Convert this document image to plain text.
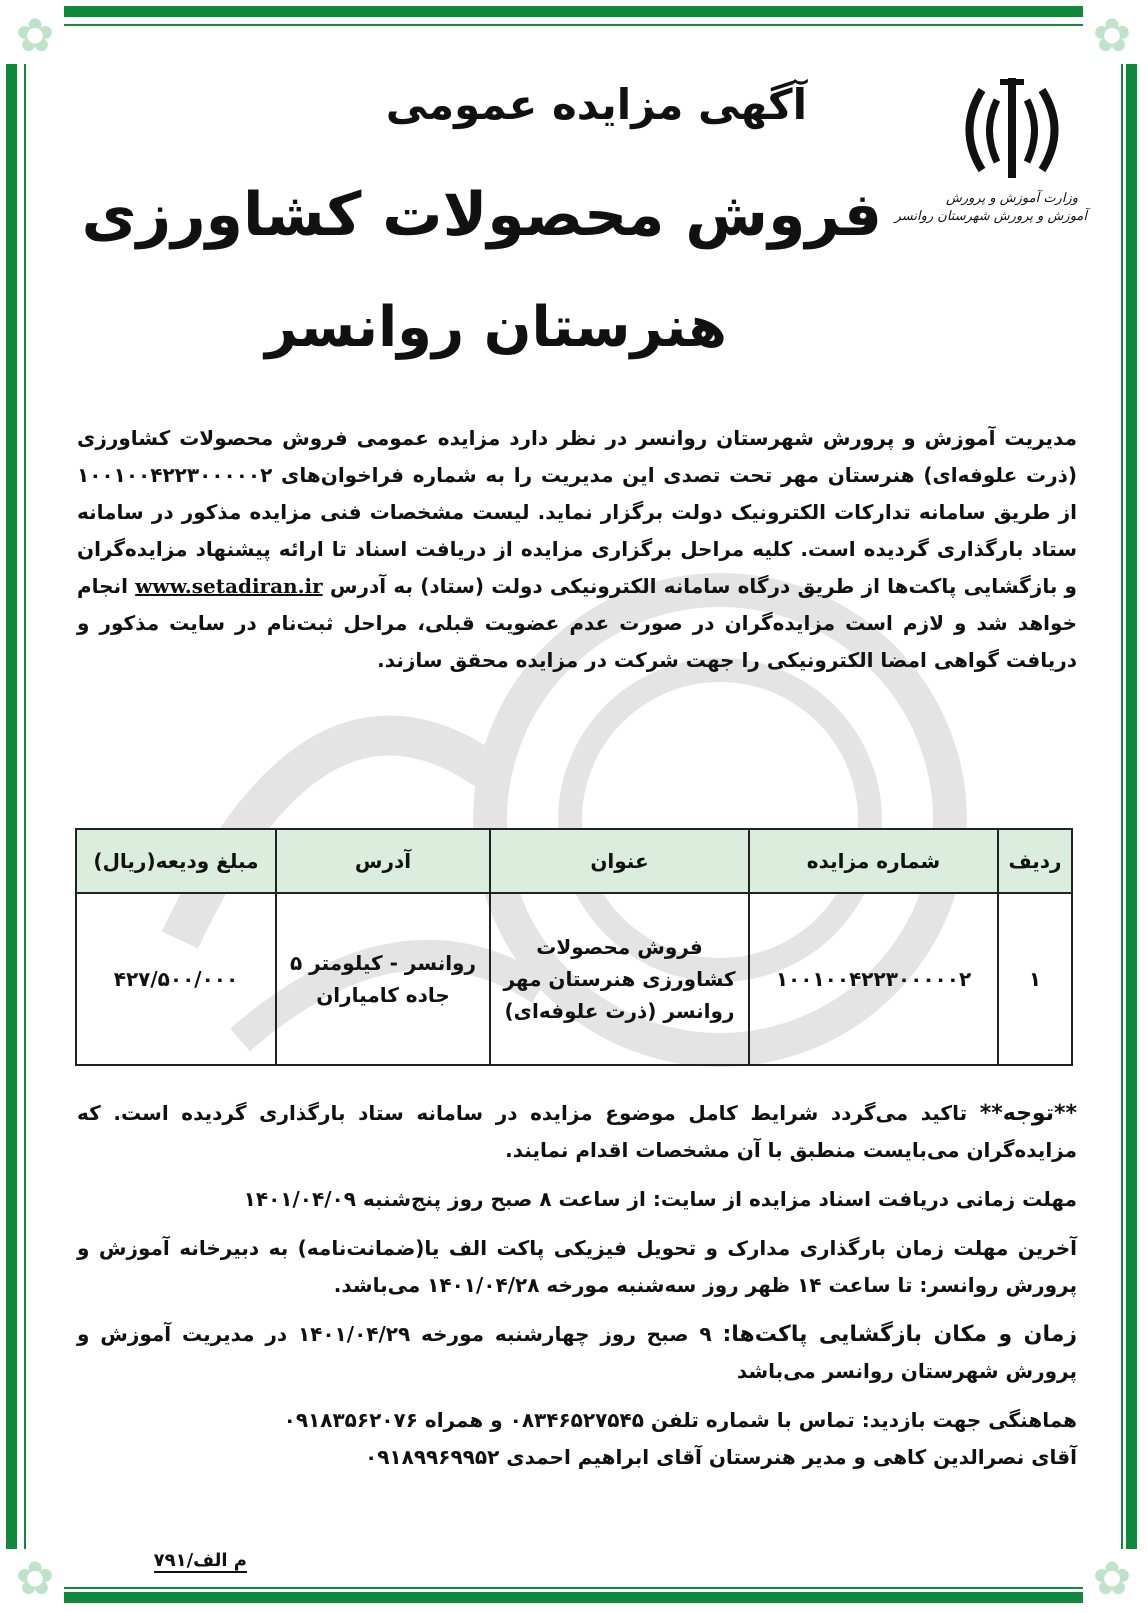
✿	✿
✿	✿
وزارت آموزش و پرورش
آموزش و پرورش شهرستان روانسر
آگهی مزایده عمومی
فروش محصولات کشاورزی
هنرستان روانسر
مدیریت آموزش و پرورش شهرستان روانسر در نظر دارد مزایده عمومی فروش محصولات کشاورزی (ذرت علوفه‌ای) هنرستان مهر تحت تصدی این مدیریت را به شماره فراخوان‌های ۱۰۰۱۰۰۴۲۲۳۰۰۰۰۰۲ از طریق سامانه تدارکات الکترونیک دولت برگزار نماید. لیست مشخصات فنی مزایده مذکور در سامانه ستاد بارگذاری گردیده است. کلیه مراحل برگزاری مزایده از دریافت اسناد تا ارائه پیشنهاد مزایده‌گران و بازگشایی پاکت‌ها از طریق درگاه سامانه الکترونیکی دولت (ستاد) به آدرس www.setadiran.ir انجام خواهد شد و لازم است مزایده‌گران در صورت عدم عضویت قبلی، مراحل ثبت‌نام در سایت مذکور و دریافت گواهی امضا الکترونیکی را جهت شرکت در مزایده محقق سازند.
ردیف	شماره مزایده	عنوان	آدرس	مبلغ ودیعه(ریال)
۱	۱۰۰۱۰۰۴۲۲۳۰۰۰۰۰۲	فروش محصولات کشاورزی هنرستان مهر روانسر (ذرت علوفه‌ای)	روانسر - کیلومتر ۵ جاده کامیاران	۴۲۷/۵۰۰/۰۰۰

**توجه** تاکید می‌گردد شرایط کامل موضوع مزایده در سامانه ستاد بارگذاری گردیده است. که مزایده‌گران می‌بایست منطبق با آن مشخصات اقدام نمایند.

مهلت زمانی دریافت اسناد مزایده از سایت: از ساعت ۸ صبح روز پنج‌شنبه ۱۴۰۱/۰۴/۰۹

آخرین مهلت زمان بارگذاری مدارک و تحویل فیزیکی پاکت الف یا(ضمانت‌نامه) به دبیرخانه آموزش و پرورش روانسر: تا ساعت ۱۴ ظهر روز سه‌شنبه مورخه ۱۴۰۱/۰۴/۲۸ می‌باشد.

زمان و مکان بازگشایی پاکت‌ها: ۹ صبح روز چهارشنبه مورخه ۱۴۰۱/۰۴/۲۹ در مدیریت آموزش و پرورش شهرستان روانسر می‌باشد

هماهنگی جهت بازدید: تماس با شماره تلفن ۰۸۳۴۶۵۲۷۵۴۵ و همراه ۰۹۱۸۳۵۶۲۰۷۶
آقای نصرالدین کاهی و مدیر هنرستان آقای ابراهیم احمدی ۰۹۱۸۹۹۶۹۹۵۲

م الف/۷۹۱
